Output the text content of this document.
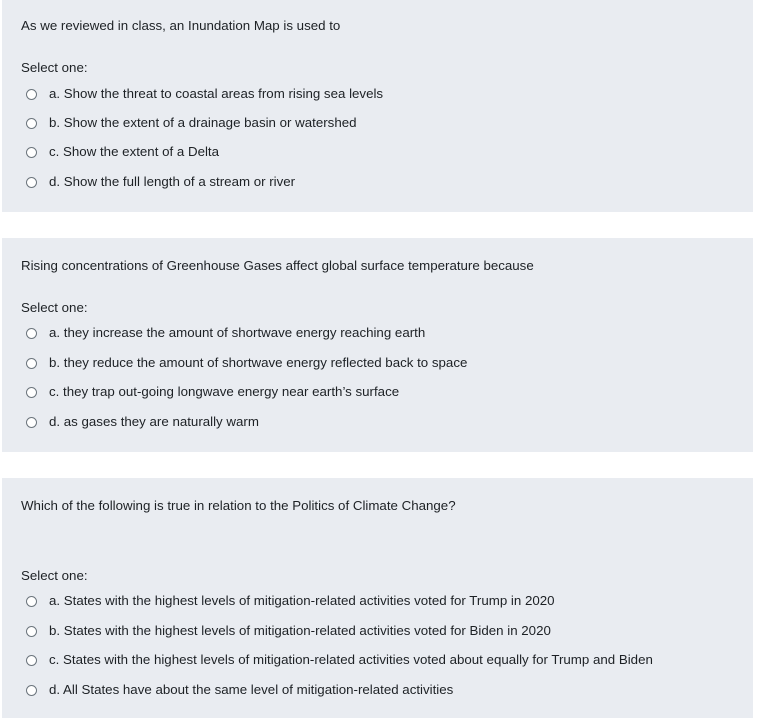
As we reviewed in class, an Inundation Map is used to
Select one:
a. Show the threat to coastal areas from rising sea levels
b. Show the extent of a drainage basin or watershed
c. Show the extent of a Delta
d. Show the full length of a stream or river
Rising concentrations of Greenhouse Gases affect global surface temperature because
Select one:
a. they increase the amount of shortwave energy reaching earth
b. they reduce the amount of shortwave energy reflected back to space
c. they trap out-going longwave energy near earth’s surface
d. as gases they are naturally warm
Which of the following is true in relation to the Politics of Climate Change?
Select one:
a. States with the highest levels of mitigation-related activities voted for Trump in 2020
b. States with the highest levels of mitigation-related activities voted for Biden in 2020
c. States with the highest levels of mitigation-related activities voted about equally for Trump and Biden
d. All States have about the same level of mitigation-related activities
